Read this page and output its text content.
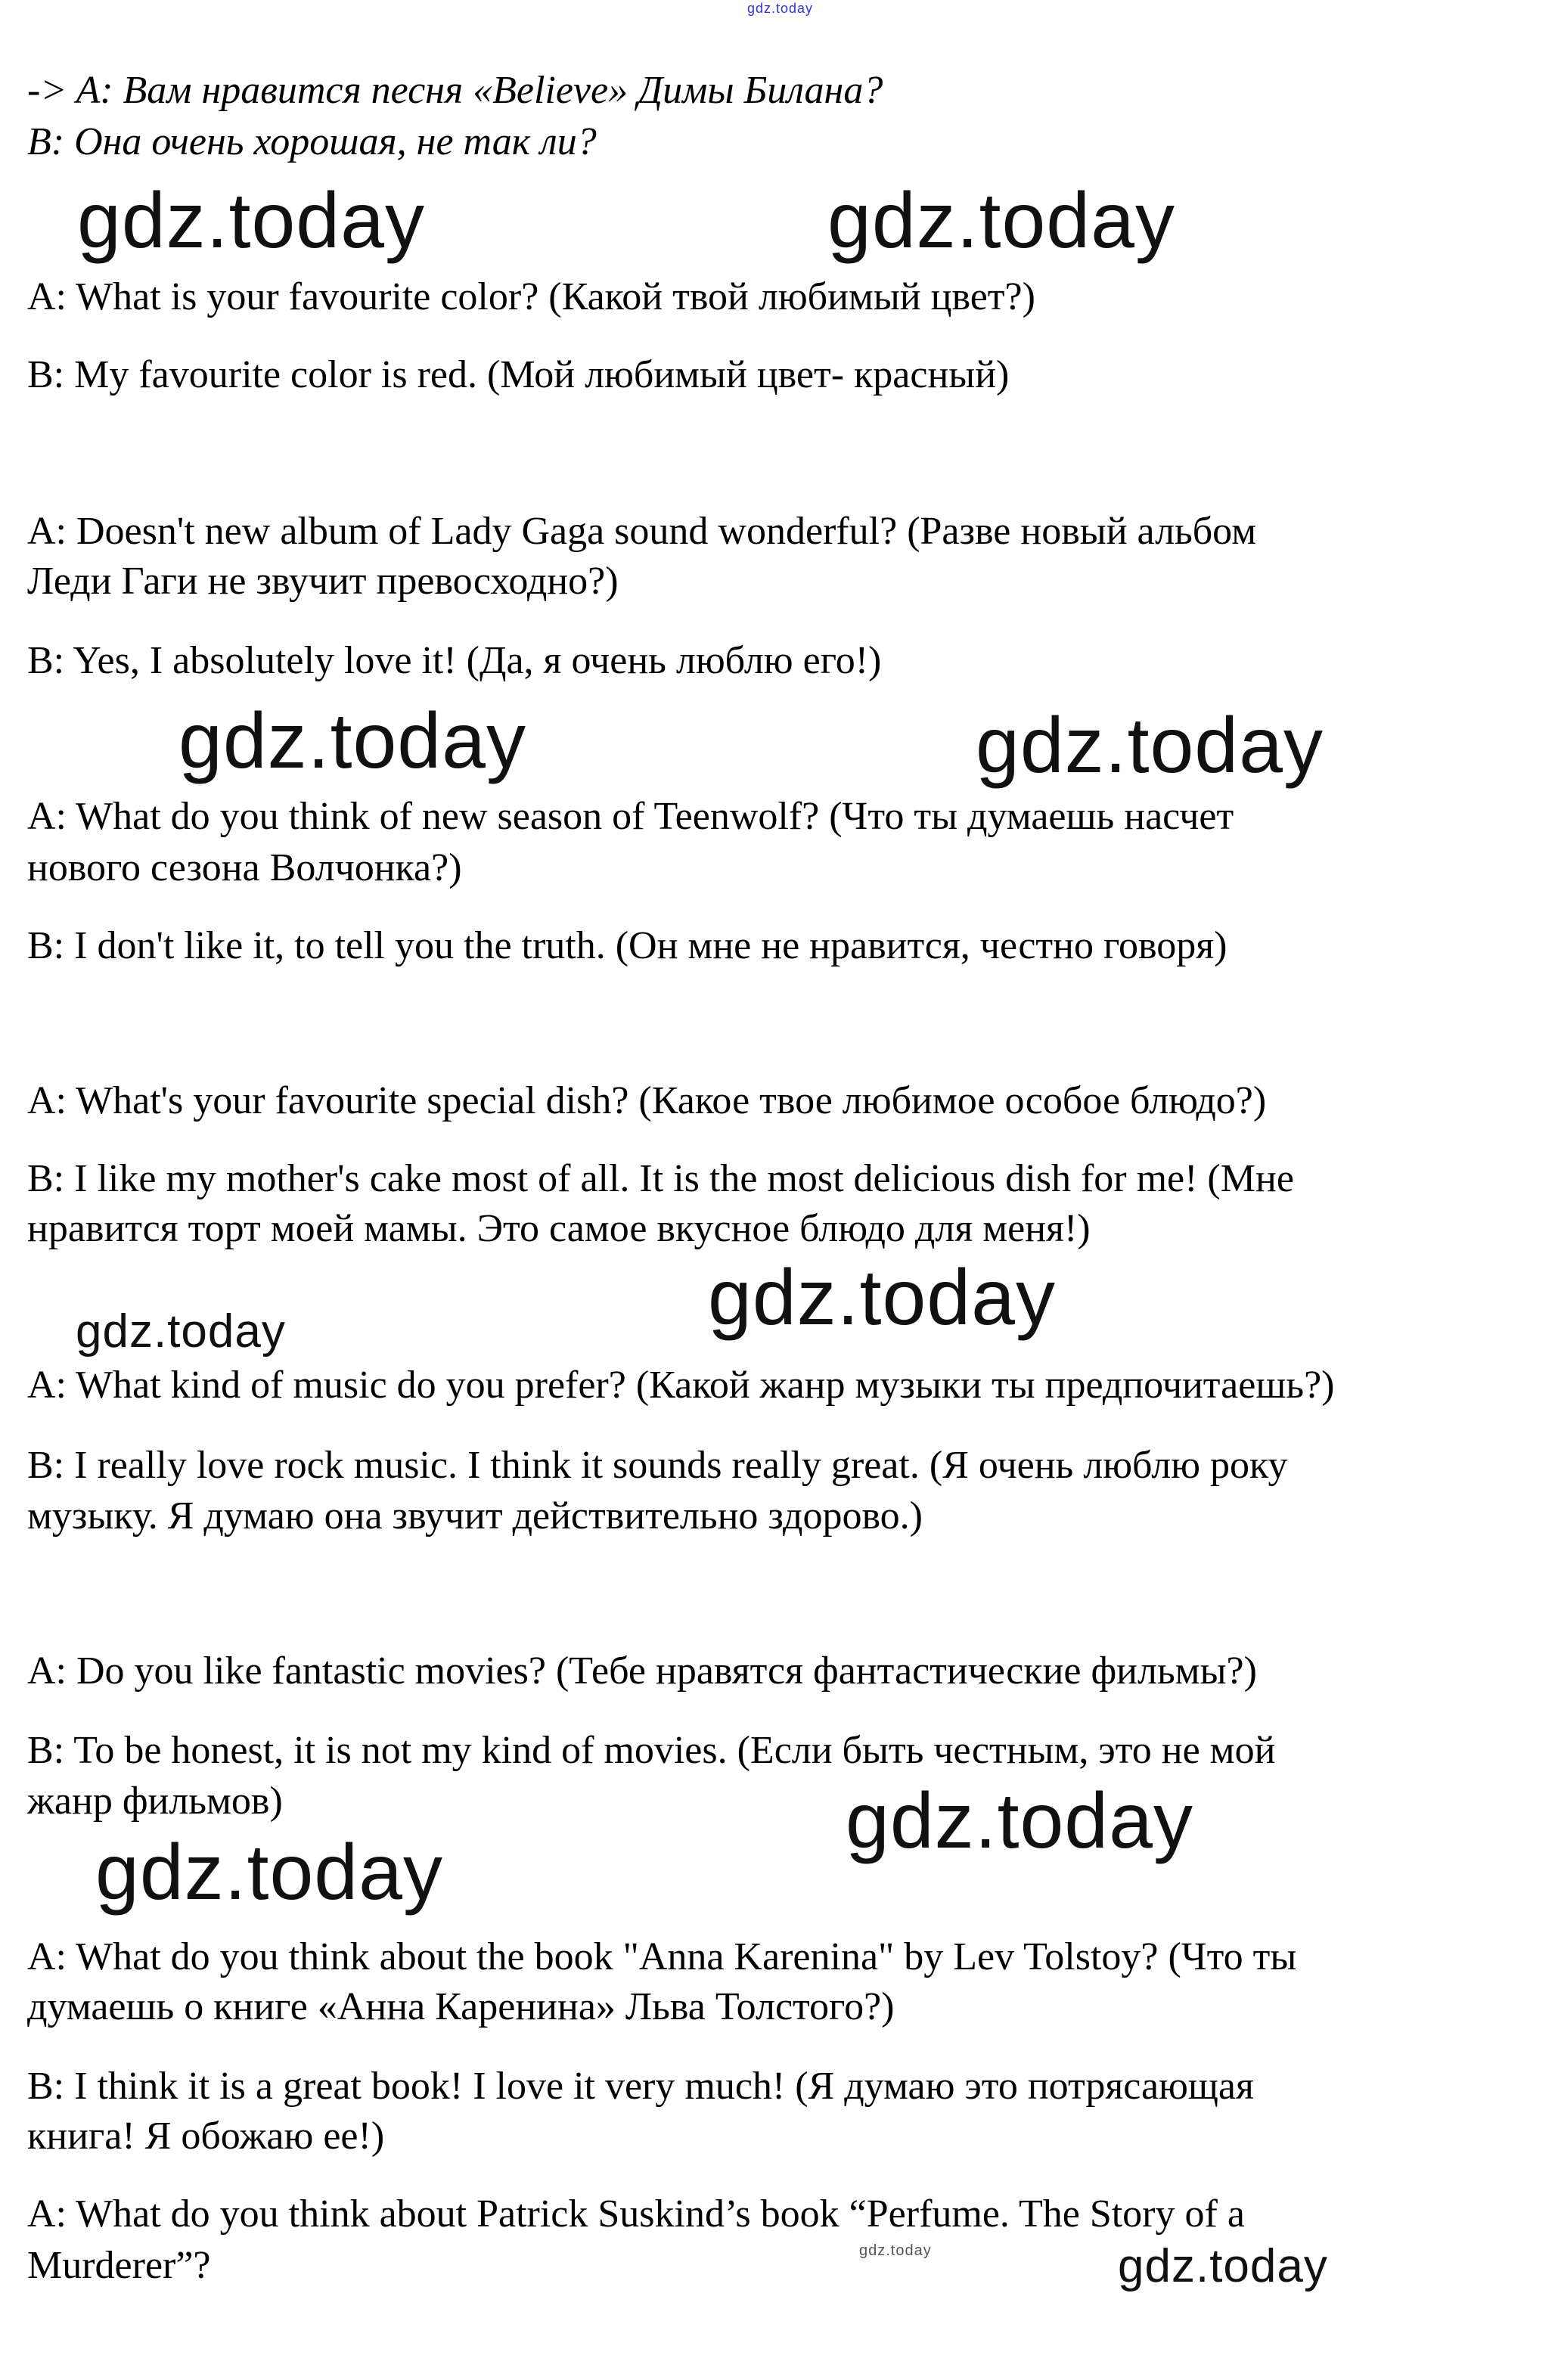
gdz.today
-> A: Вам нравится песня «Believe» Димы Билана?
B: Она очень хорошая, не так ли?
gdz.today	gdz.today
A: What is your favourite color? (Какой твой любимый цвет?)
B: My favourite color is red. (Мой любимый цвет- красный)
A: Doesn't new album of Lady Gaga sound wonderful? (Разве новый альбом
Леди Гаги не звучит превосходно?)
B: Yes, I absolutely love it! (Да, я очень люблю его!)
gdz.today	gdz.today
A: What do you think of new season of Teenwolf? (Что ты думаешь насчет
нового сезона Волчонка?)
B: I don't like it, to tell you the truth. (Он мне не нравится, честно говоря)
A: What's your favourite special dish? (Какое твое любимое особое блюдо?)
B: I like my mother's cake most of all. It is the most delicious dish for me! (Мне
нравится торт моей мамы. Это самое вкусное блюдо для меня!)
gdz.today
gdz.today
A: What kind of music do you prefer? (Какой жанр музыки ты предпочитаешь?)
B: I really love rock music. I think it sounds really great. (Я очень люблю року
музыку. Я думаю она звучит действительно здорово.)
A: Do you like fantastic movies? (Тебе нравятся фантастические фильмы?)
B: To be honest, it is not my kind of movies. (Если быть честным, это не мой
жанр фильмов)	gdz.today
gdz.today
A: What do you think about the book "Anna Karenina" by Lev Tolstoy? (Что ты
думаешь о книге «Анна Каренина» Льва Толстого?)
B: I think it is a great book! I love it very much! (Я думаю это потрясающая
книга! Я обожаю ее!)
A: What do you think about Patrick Suskind’s book “Perfume. The Story of a
Murderer”?	gdz.today	gdz.today
